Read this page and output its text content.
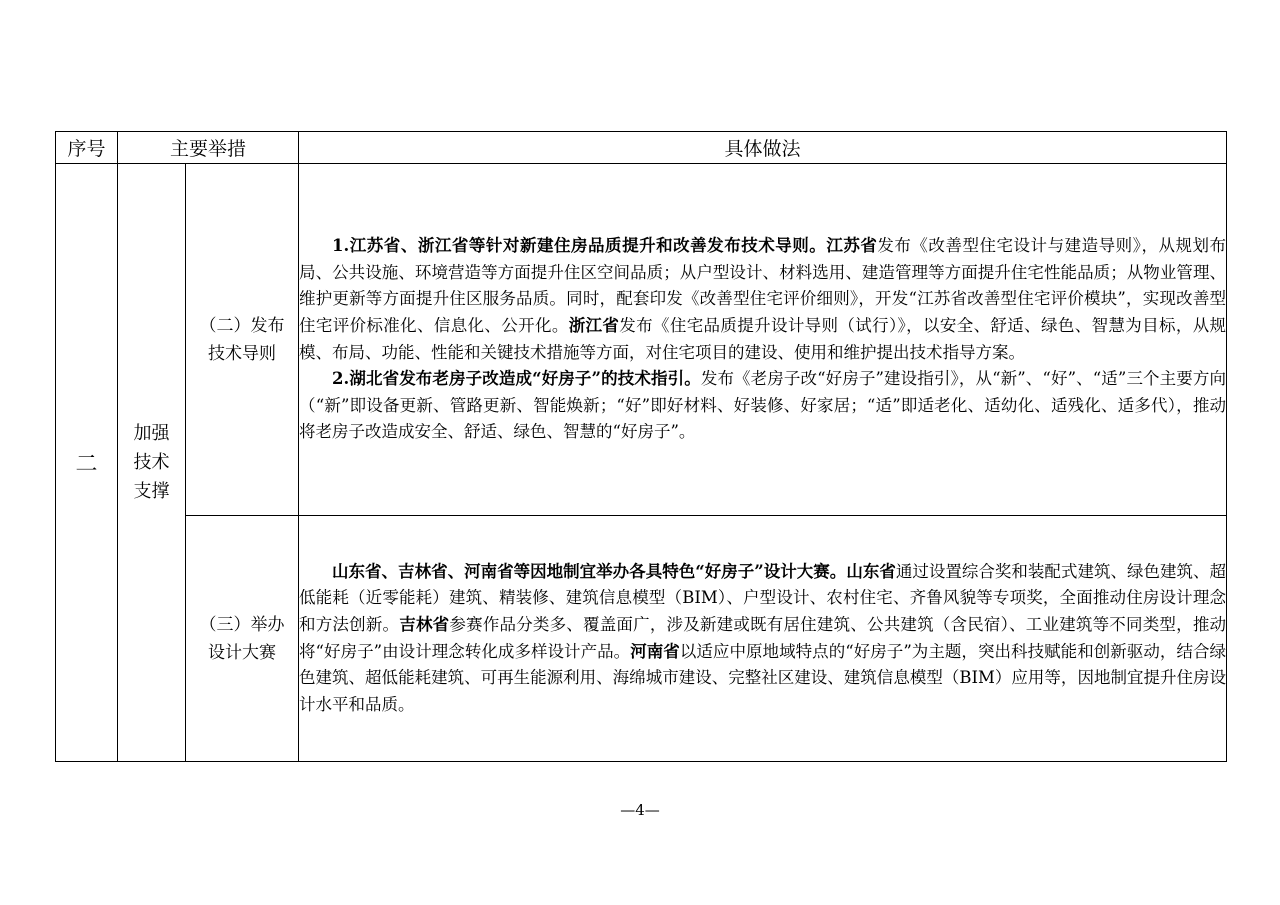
序号	主要举措		具体做法
二	加强技术支撑	（二）发布技术导则	1.江苏省、浙江省等针对新建住房品质提升和改善发布技术导则。江苏省发布《改善型住宅设计与建造导则》，从规划布局、公共设施、环境营造等方面提升住区空间品质；从户型设计、材料选用、建造管理等方面提升住宅性能品质；从物业管理、维护更新等方面提升住区服务品质。同时，配套印发《改善型住宅评价细则》，开发“江苏省改善型住宅评价模块”，实现改善型住宅评价标准化、信息化、公开化。浙江省发布《住宅品质提升设计导则（试行）》，以安全、舒适、绿色、智慧为目标，从规模、布局、功能、性能和关键技术措施等方面，对住宅项目的建设、使用和维护提出技术指导方案。

2.湖北省发布老房子改造成“好房子”的技术指引。发布《老房子改“好房子”建设指引》，从“新”、“好”、“适”三个主要方向（“新”即设备更新、管路更新、智能焕新；“好”即好材料、好装修、好家居；“适”即适老化、适幼化、适残化、适多代），推动将老房子改造成安全、舒适、绿色、智慧的“好房子”。

		（三）举办设计大赛	山东省、吉林省、河南省等因地制宜举办各具特色“好房子”设计大赛。山东省通过设置综合奖和装配式建筑、绿色建筑、超低能耗（近零能耗）建筑、精装修、建筑信息模型（BIM）、户型设计、农村住宅、齐鲁风貌等专项奖，全面推动住房设计理念和方法创新。吉林省参赛作品分类多、覆盖面广，涉及新建或既有居住建筑、公共建筑（含民宿）、工业建筑等不同类型，推动将“好房子”由设计理念转化成多样设计产品。河南省以适应中原地域特点的“好房子”为主题，突出科技赋能和创新驱动，结合绿色建筑、超低能耗建筑、可再生能源利用、海绵城市建设、完整社区建设、建筑信息模型（BIM）应用等，因地制宜提升住房设计水平和品质。

—4—
